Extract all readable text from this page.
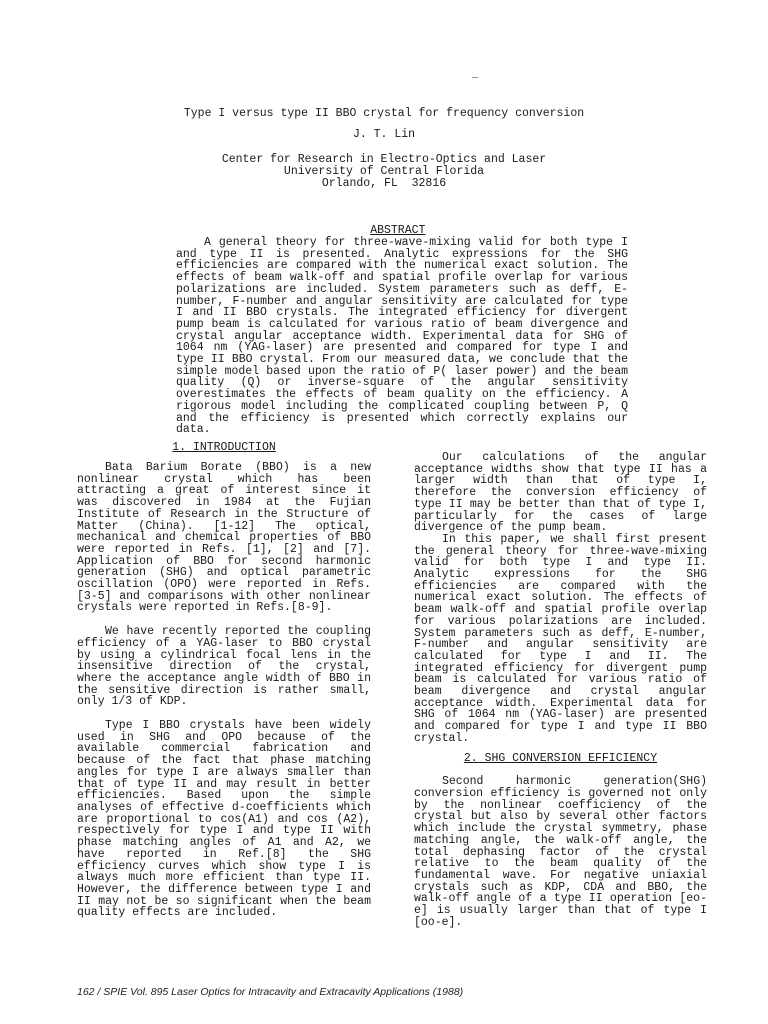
Type I versus type II BBO crystal for frequency conversion
J. T. Lin
Center for Research in Electro-Optics and Laser
University of Central Florida
Orlando, FL  32816

ABSTRACT

A general theory for three-wave-mixing valid for both type I and type II is presented. Analytic expressions for the SHG efficiencies are compared with the numerical exact solution. The effects of beam walk-off and spatial profile overlap for various polarizations are included. System parameters such as deff, E-number, F-number and angular sensitivity are calculated for type I and II BBO crystals. The integrated efficiency for divergent pump beam is calculated for various ratio of beam divergence and crystal angular acceptance width. Experimental data for SHG of 1064 nm (YAG-laser) are presented and compared for type I and type II BBO crystal. From our measured data, we conclude that the simple model based upon the ratio of P( laser power) and the beam quality (Q) or inverse-square of the angular sensitivity overestimates the effects of beam quality on the efficiency. A rigorous model including the complicated coupling between P, Q and the efficiency is presented which correctly explains our data.

1. INTRODUCTION

Bata Barium Borate (BBO) is a new nonlinear crystal which has been attracting a great of interest since it was discovered in 1984 at the Fujian Institute of Research in the Structure of Matter (China). [1-12] The optical, mechanical and chemical properties of BBO were reported in Refs. [1], [2] and [7]. Application of BBO for second harmonic generation (SHG) and optical parametric oscillation (OPO) were reported in Refs.[3-5] and comparisons with other nonlinear crystals were reported in Refs.[8-9].

We have recently reported the coupling efficiency of a YAG-laser to BBO crystal by using a cylindrical focal lens in the insensitive direction of the crystal, where the acceptance angle width of BBO in the sensitive direction is rather small, only 1/3 of KDP.

Type I BBO crystals have been widely used in SHG and OPO because of the available commercial fabrication and because of the fact that phase matching angles for type I are always smaller than that of type II and may result in better efficiencies. Based upon the simple analyses of effective d-coefficients which are proportional to cos(A1) and cos (A2), respectively for type I and type II with phase matching angles of A1 and A2, we have reported in Ref.[8] the SHG efficiency curves which show type I is always much more efficient than type II. However, the difference between type I and II may not be so significant when the beam quality effects are included.

Our calculations of the angular acceptance widths show that type II has a larger width than that of type I, therefore the conversion efficiency of type II may be better than that of type I, particularly for the cases of large divergence of the pump beam.

In this paper, we shall first present the general theory for three-wave-mixing valid for both type I and type II. Analytic expressions for the SHG efficiencies are compared with the numerical exact solution. The effects of beam walk-off and spatial profile overlap for various polarizations are included. System parameters such as deff, E-number, F-number and angular sensitivity are calculated for type I and II. The integrated efficiency for divergent pump beam is calculated for various ratio of beam divergence and crystal angular acceptance width. Experimental data for SHG of 1064 nm (YAG-laser) are presented and compared for type I and type II BBO crystal.

2. SHG CONVERSION EFFICIENCY

Second harmonic generation(SHG) conversion efficiency is governed not only by the nonlinear coefficiency of the crystal but also by several other factors which include the crystal symmetry, phase matching angle, the walk-off angle, the total dephasing factor of the crystal relative to the beam quality of the fundamental wave. For negative uniaxial crystals such as KDP, CDA and BBO, the walk-off angle of a type II operation [eo-e] is usually larger than that of type I [oo-e].

162 / SPIE Vol. 895 Laser Optics for Intracavity and Extracavity Applications (1988)
